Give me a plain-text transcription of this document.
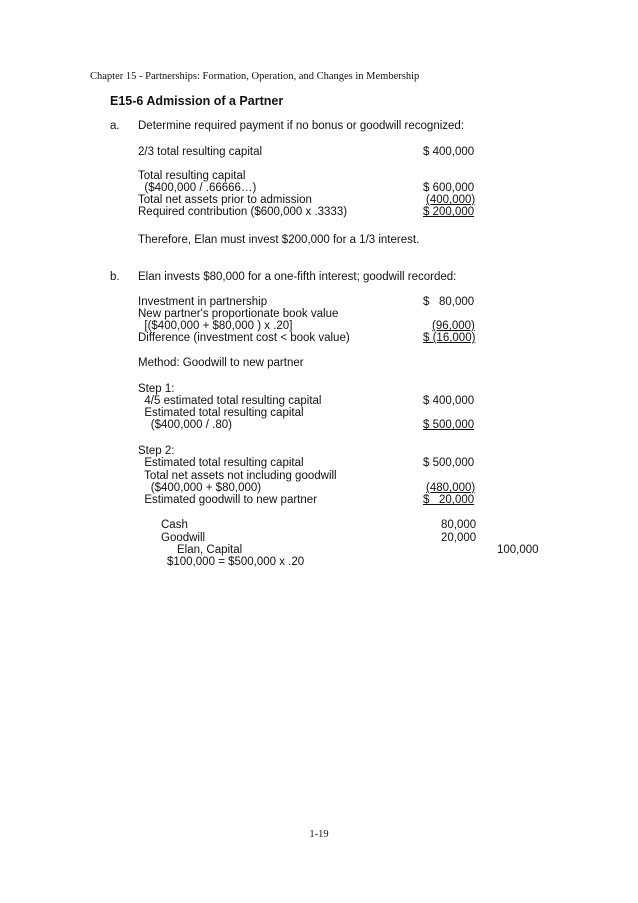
Chapter 15 - Partnerships: Formation, Operation, and Changes in Membership
E15-6 Admission of a Partner
a. Determine required payment if no bonus or goodwill recognized:
2/3 total resulting capital	$ 400,000
Total resulting capital
($400,000 / .66666…)	$ 600,000
Total net assets prior to admission	(400,000)
Required contribution ($600,000 x .3333)	$ 200,000
Therefore, Elan must invest $200,000 for a 1/3 interest.
b. Elan invests $80,000 for a one-fifth interest; goodwill recorded:
Investment in partnership	$   80,000
New partner's proportionate book value
[($400,000 + $80,000 ) x .20]	(96,000)
Difference (investment cost < book value)	$ (16,000)
Method: Goodwill to new partner
Step 1:
4/5 estimated total resulting capital	$ 400,000
Estimated total resulting capital
($400,000 / .80)	$ 500,000
Step 2:
Estimated total resulting capital	$ 500,000
Total net assets not including goodwill
($400,000 + $80,000)	(480,000)
Estimated goodwill to new partner	$   20,000
Cash	80,000
Goodwill	20,000
Elan, Capital	100,000
$100,000 = $500,000 x .20
1-19
